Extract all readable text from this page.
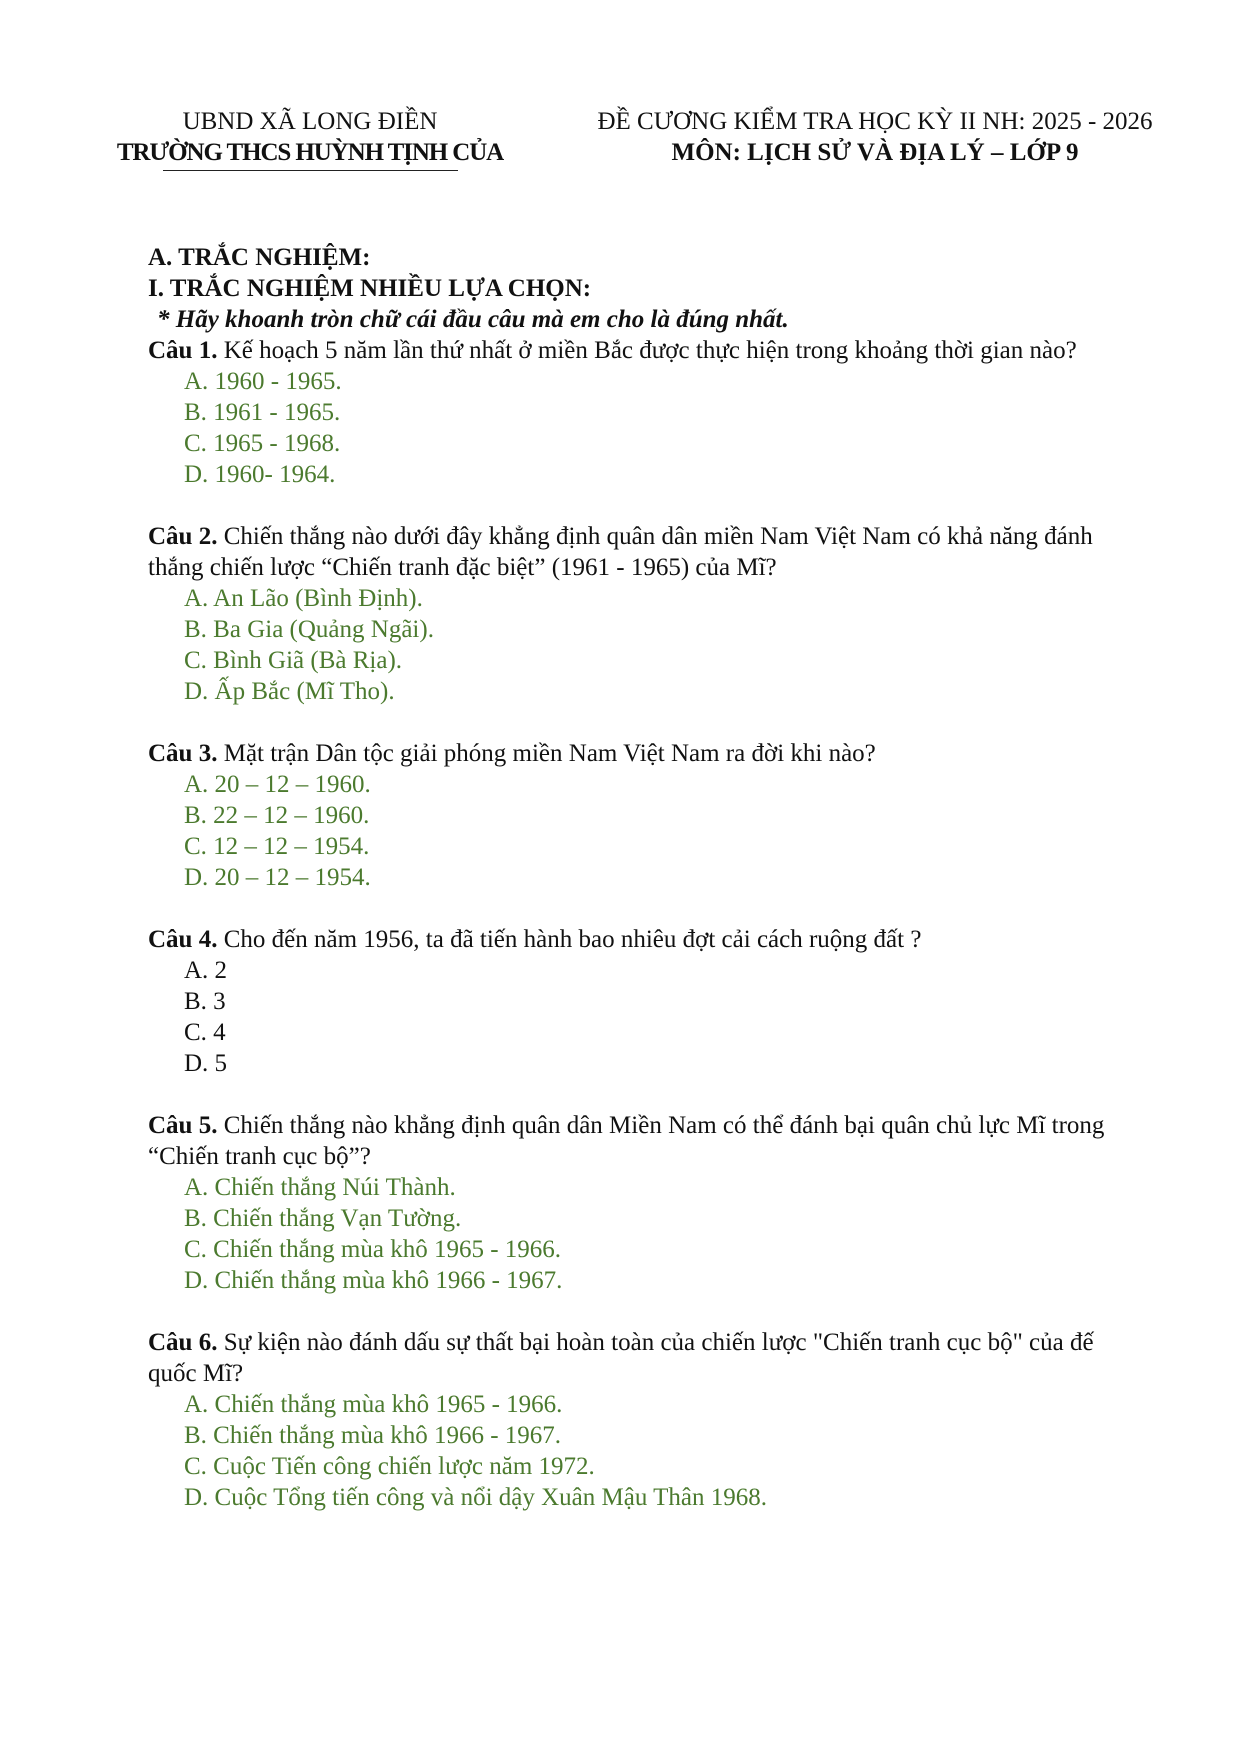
UBND XÃ LONG ĐIỀN
TRƯỜNG THCS HUỲNH TỊNH CỦA
ĐỀ CƯƠNG KIỂM TRA HỌC KỲ II NH: 2025 - 2026
MÔN: LỊCH SỬ VÀ ĐỊA LÝ – LỚP 9
A. TRẮC NGHIỆM:
I. TRẮC NGHIỆM NHIỀU LỰA CHỌN:
* Hãy khoanh tròn chữ cái đầu câu mà em cho là đúng nhất.
Câu 1. Kế hoạch 5 năm lần thứ nhất ở miền Bắc được thực hiện trong khoảng thời gian nào?
A. 1960 - 1965.
B. 1961 - 1965.
C. 1965 - 1968.
D. 1960- 1964.
Câu 2. Chiến thắng nào dưới đây khẳng định quân dân miền Nam Việt Nam có khả năng đánh thắng chiến lược “Chiến tranh đặc biệt” (1961 - 1965) của Mĩ?
A. An Lão (Bình Định).
B. Ba Gia (Quảng Ngãi).
C. Bình Giã (Bà Rịa).
D. Ấp Bắc (Mĩ Tho).
Câu 3. Mặt trận Dân tộc giải phóng miền Nam Việt Nam ra đời khi nào?
A. 20 – 12 – 1960.
B. 22 – 12 – 1960.
C. 12 – 12 – 1954.
D. 20 – 12 – 1954.
Câu 4. Cho đến năm 1956, ta đã tiến hành bao nhiêu đợt cải cách ruộng đất ?
A. 2
B. 3
C. 4
D. 5
Câu 5. Chiến thắng nào khẳng định quân dân Miền Nam có thể đánh bại quân chủ lực Mĩ trong “Chiến tranh cục bộ”?
A. Chiến thắng Núi Thành.
B. Chiến thắng Vạn Tường.
C. Chiến thắng mùa khô 1965 - 1966.
D. Chiến thắng mùa khô 1966 - 1967.
Câu 6. Sự kiện nào đánh dấu sự thất bại hoàn toàn của chiến lược "Chiến tranh cục bộ" của đế quốc Mĩ?
A. Chiến thắng mùa khô 1965 - 1966.
B. Chiến thắng mùa khô 1966 - 1967.
C. Cuộc Tiến công chiến lược năm 1972.
D. Cuộc Tổng tiến công và nổi dậy Xuân Mậu Thân 1968.
